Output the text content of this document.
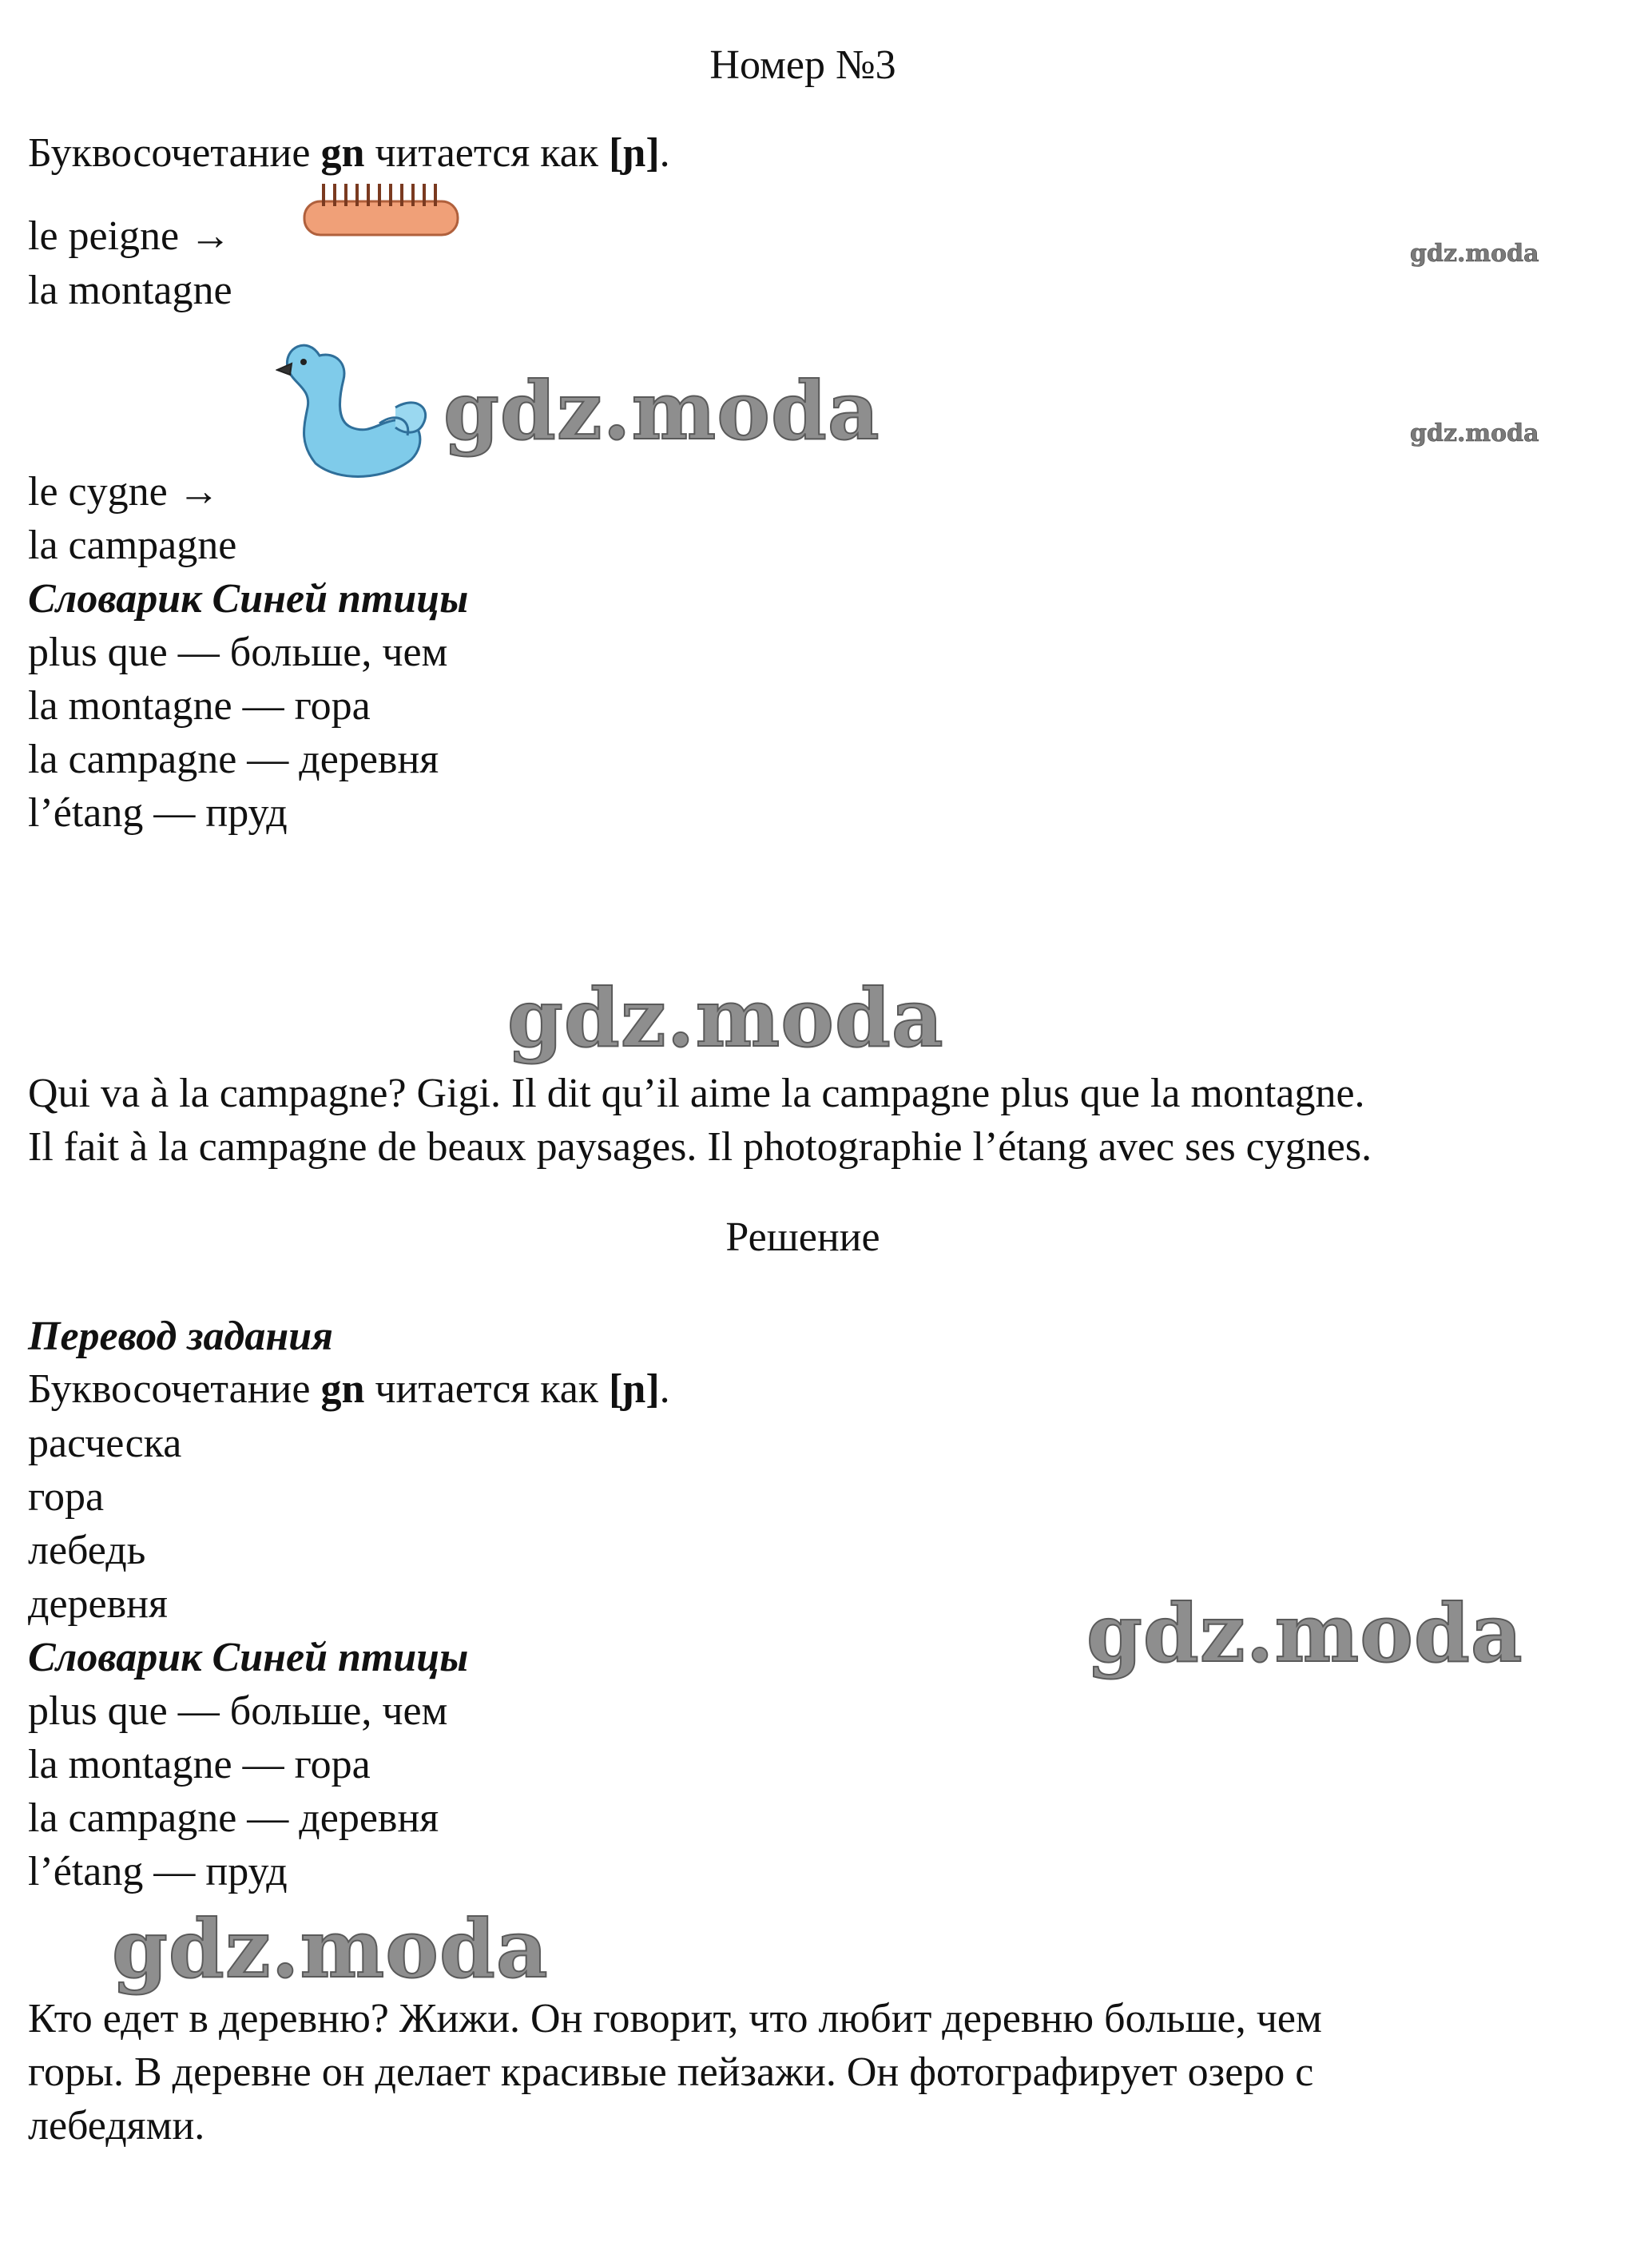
Номер №3
Буквосочетание gn читается как [ɲ].
le peigne →
la montagne
gdz.moda
gdz.moda	gdz.moda
le cygne →
la campagne
Словарик Синей птицы
plus que — больше, чем
la montagne — гора
la campagne — деревня
l’étang — пруд
gdz.moda
Qui va à la campagne? Gigi. Il dit qu’il aime la campagne plus que la montagne.
Il fait à la campagne de beaux paysages. Il photographie l’étang avec ses cygnes.
Решение
Перевод задания
Буквосочетание gn читается как [ɲ].
расческа
гора
лебедь
деревня	gdz.moda
Словарик Синей птицы
plus que — больше, чем
la montagne — гора
la campagne — деревня
l’étang — пруд
gdz.moda
Кто едет в деревню? Жижи. Он говорит, что любит деревню больше, чем
горы. В деревне он делает красивые пейзажи. Он фотографирует озеро с
лебедями.
